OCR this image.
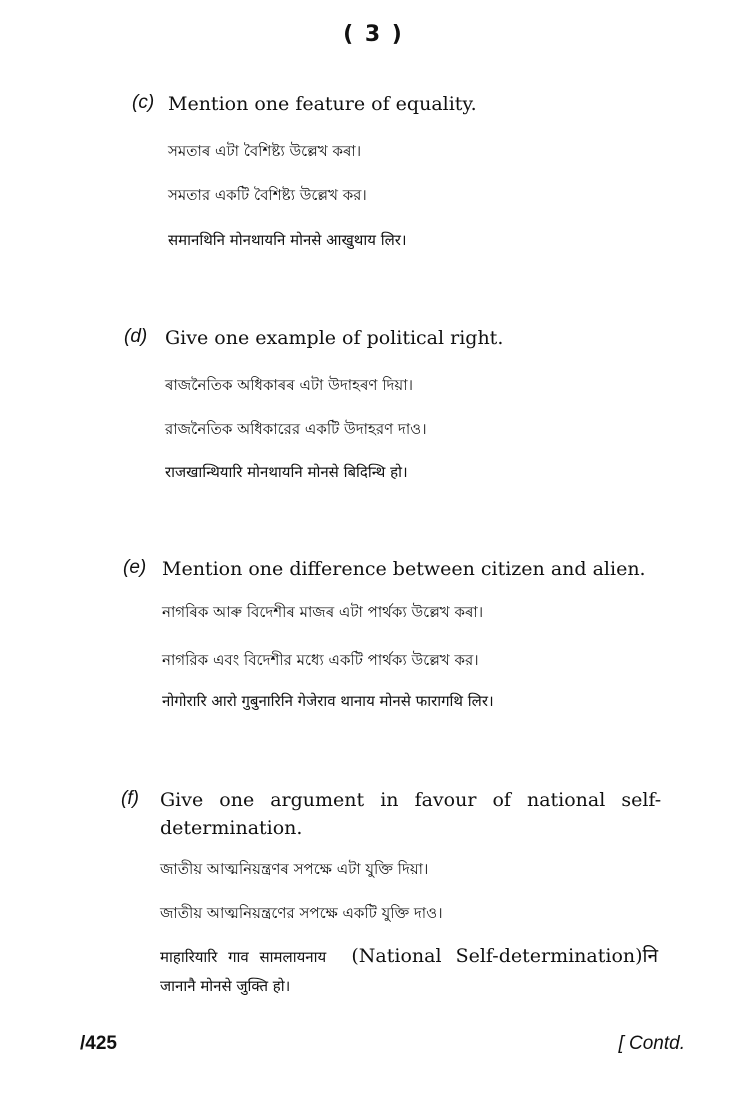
( 3 )
(c) Mention one feature of equality.
সমতাৰ এটা বৈশিষ্ট্য উল্লেখ কৰা।
সমতার একটি বৈশিষ্ট্য উল্লেখ কর।
समानथिनि मोनथायनि मोनसे आखुथाय लिर।
(d) Give one example of political right.
ৰাজনৈতিক অধিকাৰৰ এটা উদাহৰণ দিয়া।
রাজনৈতিক অধিকারের একটি উদাহরণ দাও।
राजखान्थियारि मोनथायनि मोनसे बिदिन्थि हो।
(e) Mention one difference between citizen and alien.
নাগৰিক আৰু বিদেশীৰ মাজৰ এটা পাৰ্থক্য উল্লেখ কৰা।
নাগরিক এবং বিদেশীর মধ্যে একটি পার্থক্য উল্লেখ কর।
नोगोरारि आरो गुबुनारिनि गेजेराव थानाय मोनसे फारागथि लिर।
(f) Give one argument in favour of national self-
determination.
জাতীয় আত্মনিয়ন্ত্ৰণৰ সপক্ষে এটা যুক্তি দিয়া।
জাতীয় আত্মনিয়ন্ত্রণের সপক্ষে একটি যুক্তি দাও।
माहारियारि गाव सामलायनाय (National Self-determination)नि
जानानै मोनसे जुक्ति हो।
/425	[ Contd.
